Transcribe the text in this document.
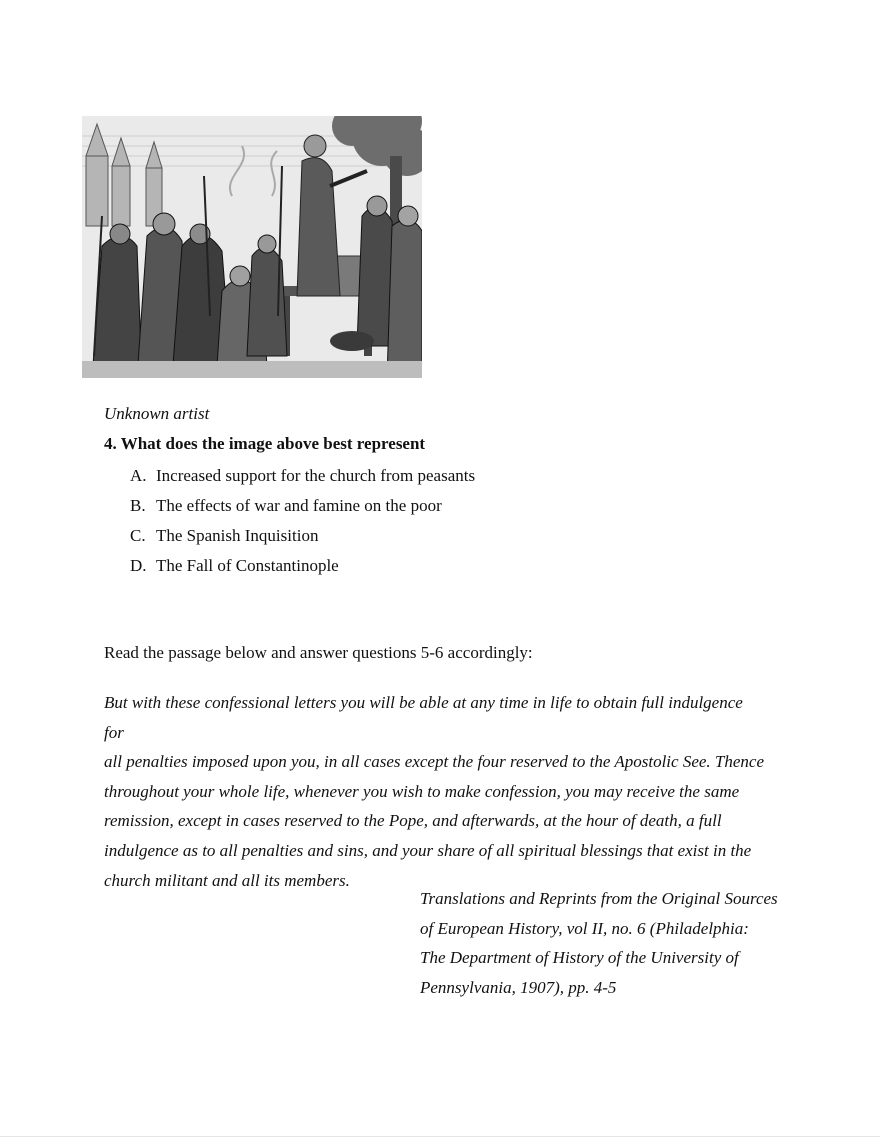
Unknown artist
4. What does the image above best represent
A. Increased support for the church from peasants
B. The effects of war and famine on the poor
C. The Spanish Inquisition
D. The Fall of Constantinople
Read the passage below and answer questions 5-6 accordingly:

But with these confessional letters you will be able at any time in life to obtain full indulgence for
all penalties imposed upon you, in all cases except the four reserved to the Apostolic See. Thence
throughout your whole life, whenever you wish to make confession, you may receive the same
remission, except in cases reserved to the Pope, and afterwards, at the hour of death, a full
indulgence as to all penalties and sins, and your share of all spiritual blessings that exist in the
church militant and all its members.

Translations and Reprints from the Original Sources
of European History, vol II, no. 6 (Philadelphia:
The Department of History of the University of
Pennsylvania, 1907), pp. 4-5
